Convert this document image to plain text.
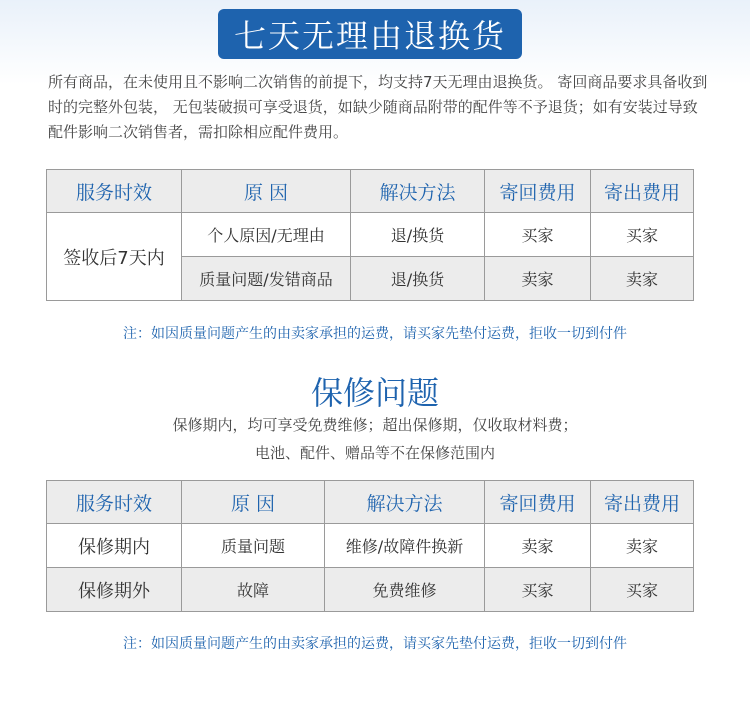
七天无理由退换货
所有商品，在未使用且不影响二次销售的前提下，均支持7天无理由退换货。 寄回商品要求具备收到时的完整外包装， 无包装破损可享受退货，如缺少随商品附带的配件等不予退货；如有安装过导致配件影响二次销售者，需扣除相应配件费用。
服务时效	原 因	解决方法	寄回费用	寄出费用
签收后7天内	个人原因/无理由	退/换货	买家	买家
	质量问题/发错商品	退/换货	卖家	卖家
注：如因质量问题产生的由卖家承担的运费，请买家先垫付运费，拒收一切到付件
保修问题
保修期内，均可享受免费维修；超出保修期，仅收取材料费；
电池、配件、赠品等不在保修范围内
服务时效	原 因	解决方法	寄回费用	寄出费用
保修期内	质量问题	维修/故障件换新	卖家	卖家
保修期外	故障	免费维修	买家	买家
注：如因质量问题产生的由卖家承担的运费，请买家先垫付运费，拒收一切到付件
